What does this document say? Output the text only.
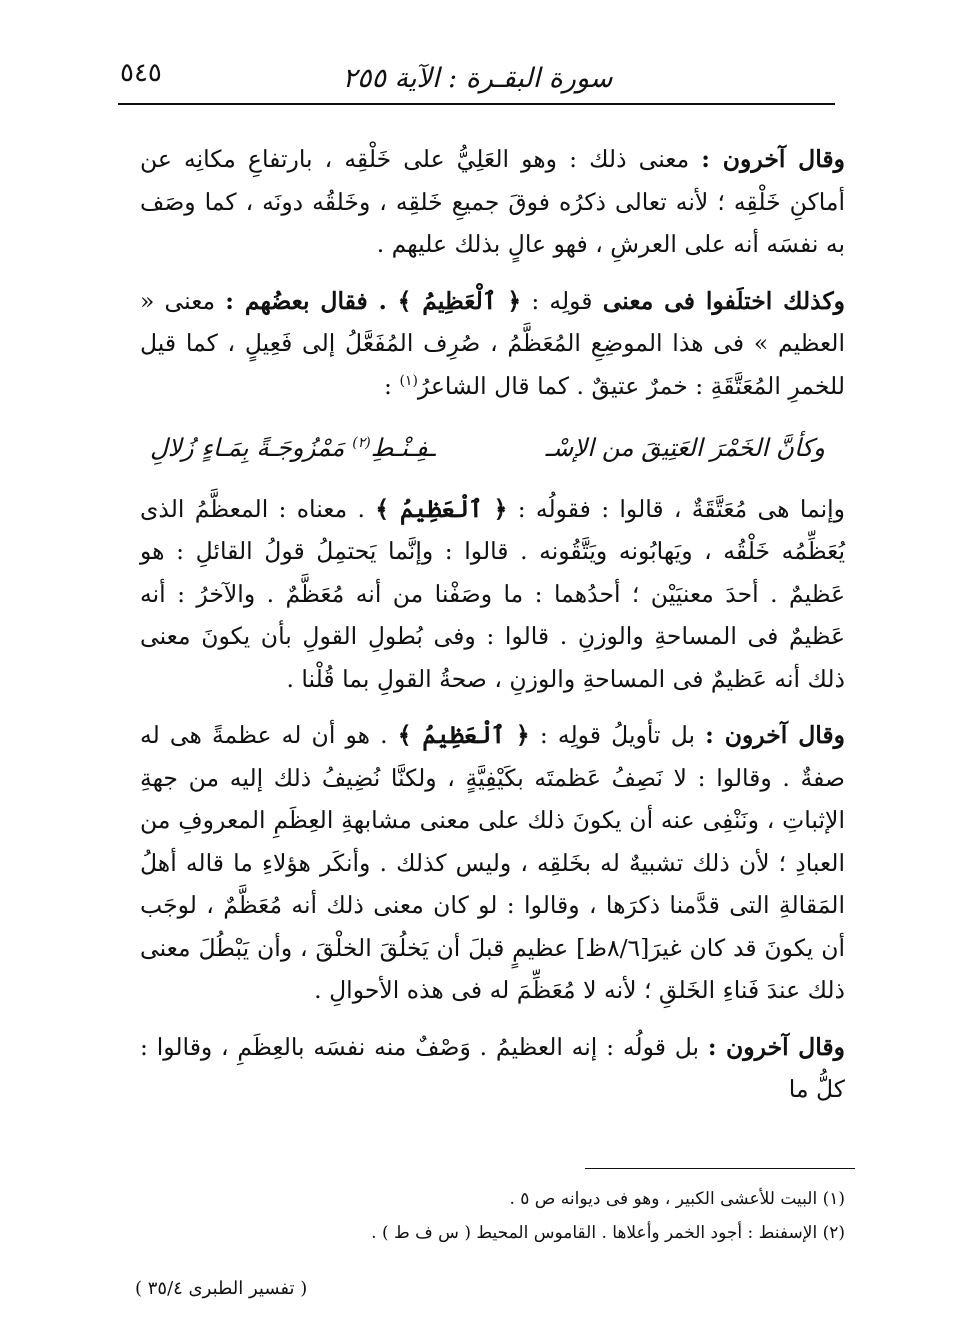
سورة البقـرة : الآية ٢٥٥
٥٤٥

وقال آخرون : معنى ذلك : وهو العَلِيُّ على خَلْقِه ، بارتفاعِ مكانِه عن أماكنِ خَلْقِه ؛ لأنه تعالى ذكرُه فوقَ جميعِ خَلقِه ، وخَلقُه دونَه ، كما وصَف به نفسَه أنه على العرشِ ، فهو عالٍ بذلك عليهم .

وكذلك اختلَفوا فى معنى قولِه : ﴿ ٱلْعَظِيمُ ﴾ . فقال بعضُهم : معنى « العظيم » فى هذا الموضِعِ المُعَظَّمُ ، صُرِف المُفَعَّلُ إلى فَعِيلٍ ، كما قيل للخمرِ المُعَتَّقَةِ : خمرٌ عتيقٌ . كما قال الشاعرُ$^{(١)}$ :

وكأنَّ الخَمْرَ العَتِيقَ من الإسْـ
ـفِـنْـطِ$^{(٢)}$ مَمْزُوجَـةً بِمَـاءٍ زُلالِ

وإنما هى مُعَتَّقَةٌ ، قالوا : فقولُه : ﴿ ٱلْعَظِيمُ ﴾ . معناه : المعظَّمُ الذى يُعَظِّمُه خَلْقُه ، ويَهابُونه ويَتَّقُونه . قالوا : وإنَّما يَحتمِلُ قولُ القائلِ : هو عَظيمٌ . أحدَ معنيَيْن ؛ أحدُهما : ما وصَفْنا من أنه مُعَظَّمٌ . والآخرُ : أنه عَظيمٌ فى المساحةِ والوزنِ . قالوا : وفى بُطولِ القولِ بأن يكونَ معنى ذلك أنه عَظيمٌ فى المساحةِ والوزنِ ، صحةُ القولِ بما قُلْنا .

وقال آخرون : بل تأويلُ قولِه : ﴿ ٱلْعَظِيمُ ﴾ . هو أن له عظمةً هى له صفةٌ . وقالوا : لا نَصِفُ عَظمتَه بكَيْفِيَّةٍ ، ولكنَّا نُضِيفُ ذلك إليه من جهةِ الإثباتِ ، ونَنْفِى عنه أن يكونَ ذلك على معنى مشابهةِ العِظَمِ المعروفِ من العبادِ ؛ لأن ذلك تشبيهٌ له بخَلقِه ، وليس كذلك . وأنكَر هؤلاءِ ما قاله أهلُ المَقالةِ التى قدَّمنا ذكرَها ، وقالوا : لو كان معنى ذلك أنه مُعَظَّمٌ ، لوجَب أن يكونَ قد كان غيرَ[٨/٦ظ] عظيمٍ قبلَ أن يَخلُقَ الخلْقَ ، وأن يَبْطُلَ معنى ذلك عندَ فَناءِ الخَلقِ ؛ لأنه لا مُعَظِّمَ له فى هذه الأحوالِ .

وقال آخرون : بل قولُه : إنه العظيمُ . وَصْفٌ منه نفسَه بالعِظَمِ ، وقالوا : كلُّ ما

(١) البيت للأعشى الكبير ، وهو فى ديوانه ص ٥ .
(٢) الإسفنط : أجود الخمر وأعلاها . القاموس المحيط ( س ف ط ) .
( تفسير الطبرى ٣٥/٤ )
